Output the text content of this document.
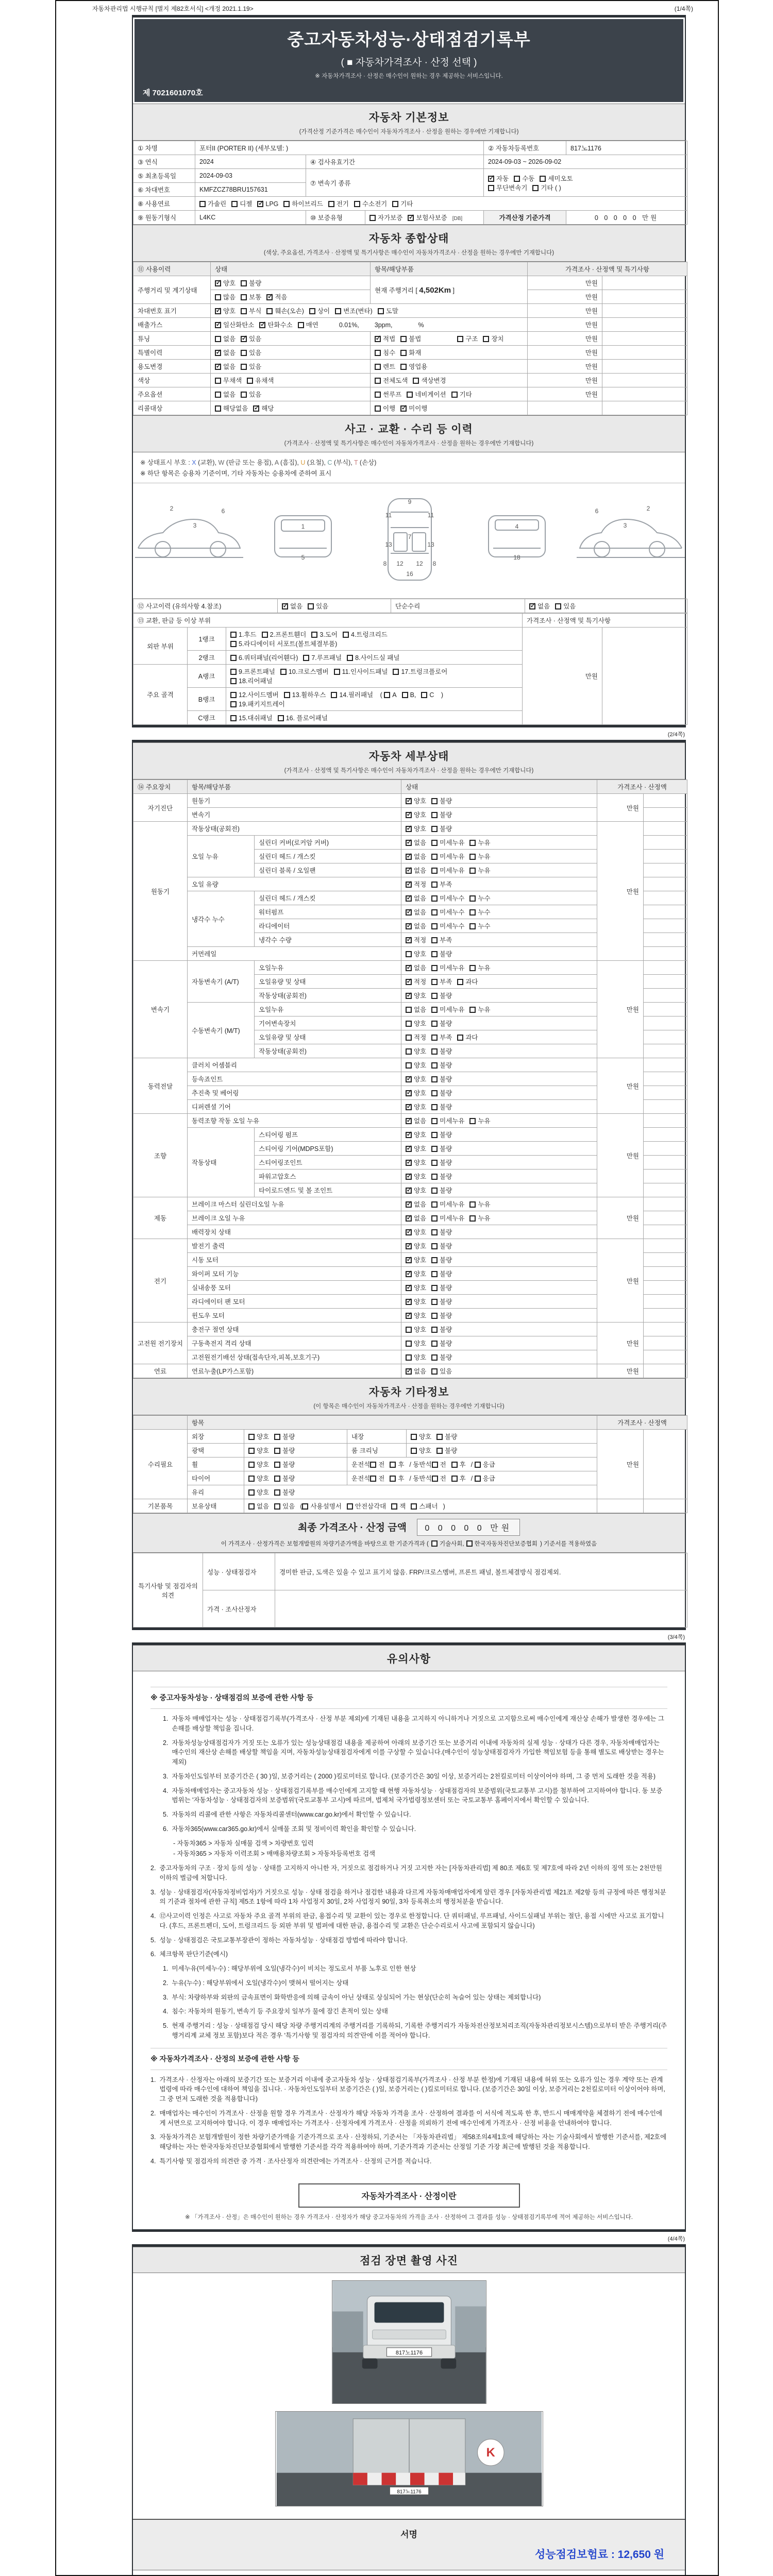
자동차관리법 시행규칙 [별지 제82호서식] <개정 2021.1.19>	(1/4쪽)
중고자동차성능·상태점검기록부
( ■ 자동차가격조사 · 산정 선택 )
※ 자동차가격조사 · 산정은 매수인이 원하는 경우 제공하는 서비스입니다.
제 7021601070호
자동차 기본정보
(가격산정 기준가격은 매수인이 자동차가격조사 · 산정을 원하는 경우에만 기재합니다)
① 차명	포터II (PORTER II) (세부모델: )			② 자동차등록번호	817노1176
③ 연식	2024	④ 검사유효기간		2024-09-03 ~ 2026-09-02	
⑤ 최초등록일	2024-09-03	⑦ 변속기 종류	✓자동 수동 세미오토
무단변속기 기타 ( )
⑥ 차대번호	KMFZCZ78BRU157631				
⑧ 사용연료	가솔린 디젤 ✓ LPG 하이브리드 전기 수소전기 기타
⑨ 원동기형식	L4KC	⑩ 보증유형	자가보증 ✓ 보험사보증 [DB]	가격산정 기준가격	0 0 0 0 0 만원
자동차 종합상태
(색상, 주요옵션, 가격조사 · 산정액 및 특기사항은 매수인이 자동차가격조사 · 산정을 원하는 경우에만 기재합니다)
⑪ 사용이력	상태	항목/해당부품	가격조사 · 산정액 및 특기사항	
주행거리 및 계기상태	✓양호 불량	현재 주행거리 [ 4,502Km ]	만원	
	많음 보통 ✓ 적음		만원	
차대번호 표기	✓양호 부식 훼손(오손) 상이 변조(변타) 도말		만원	
배출가스	✓일산화탄소 ✓ 탄화수소 매연 0.01%, 3ppm, %		만원	
튜닝	없음 ✓ 있음	✓적법 불법 구조 장치	만원	
특별이력	✓없음 있음	침수 화재	만원	
용도변경	✓없음 있음	렌트 영업용	만원	
색상	무채색 유채색	전체도색 색상변경	만원	
주요옵션	없음 있음	썬루프 네비게이션 기타	만원	
리콜대상	해당없음 ✓ 해당	이행 ✓ 미이행		
사고 · 교환 · 수리 등 이력
(가격조사 · 산정액 및 특기사항은 매수인이 자동차가격조사 · 산정을 원하는 경우에만 기재합니다)
※ 상태표시 부호 : X (교환), W (판금 또는 용접), A (흠집), U (요철), C (부식), T (손상)
※ 하단 항목은 승용차 기준이며, 기타 자동차는 승용차에 준하여 표시
2
3
6
1
5
9
11	11
7
13	13
12 12
16
8	8
4
18
2
3
6
⑫ 사고이력 (유의사항 4.참조)	✓없음 있음	단순수리	✓없음 있음
⑬ 교환, 판금 등 이상 부위			가격조사 · 산정액 및 특기사항	
외판 부위	1랭크	1.후드 2.프론트휀더 3.도어 4.트렁크리드
5.라디에이터 서포트(볼트체결부품)	만원	
	2랭크	6.쿼터패널(리어휀다) 7.루프패널 8.사이드실 패널		
주요 골격	A랭크	9.프론트패널 10.크로스멤버 11.인사이드패널 17.트렁크플로어
18.리어패널		
	B랭크	12.사이드멤버 13.휠하우스 14.필러패널 ( A B, C )
19.패키지트레이		
	C랭크	15.대쉬패널 16. 플로어패널		
(2/4쪽)
자동차 세부상태
(가격조사 · 산정액 및 특기사항은 매수인이 자동차가격조사 · 산정을 원하는 경우에만 기재합니다)
⑭ 주요장치	항목/해당부품		상태	가격조사 · 산정액	
자기진단	원동기	✓양호 불량	만원	
	변속기	✓양호 불량	
원동기	작동상태(공회전)	✓양호 불량	만원	
	오일 누유	실린더 커버(로커암 커버)	✓없음 미세누유 누유	
		실린더 헤드 / 개스킷	✓없음 미세누유 누유	
		실린더 블록 / 오일팬	✓없음 미세누유 누유	
	오일 유량	✓적정 부족	
	냉각수 누수	실린더 헤드 / 개스킷	✓없음 미세누수 누수	
		워터펌프	✓없음 미세누수 누수	
		라디에이터	✓없음 미세누수 누수	
		냉각수 수량	✓적정 부족	
	커먼레일		양호 불량		
변속기	자동변속기 (A/T)	오일누유	✓없음 미세누유 누유	만원	
		오일유량 및 상태	✓적정 부족 과다	
		작동상태(공회전)	✓양호 불량	
	수동변속기 (M/T)	오일누유	없음 미세누유 누유		
		기어변속장치	양호 불량		
		오일유량 및 상태	적정 부족 과다		
		작동상태(공회전)	양호 불량		
동력전달	클러치 어셈블리		양호 불량	만원	
	등속죠인트	✓양호 불량	
	추진축 및 베어링	✓양호 불량	
	디퍼렌셜 기어	✓양호 불량	
조향	동력조향 작동 오일 누유	✓없음 미세누유 누유	만원	
	작동상태	스티어링 펌프	✓양호 불량	
		스티어링 기어(MDPS포함)	✓양호 불량	
		스티어링조인트	✓양호 불량	
		파워고압호스	✓양호 불량	
		타이로드엔드 및 볼 조인트	✓양호 불량	
제동	브레이크 마스터 실린더오일 누유	✓없음 미세누유 누유	만원	
	브레이크 오일 누유	✓없음 미세누유 누유	
	배력장치 상태	✓양호 불량	
전기	발전기 출력	✓양호 불량	만원	
	시동 모터	✓양호 불량	
	와이퍼 모터 기능	✓양호 불량	
	실내송풍 모터	✓양호 불량	
	라디에이터 팬 모터	✓양호 불량	
	윈도우 모터	✓양호 불량	
고전원 전기장치	충전구 절연 상태		양호 불량	만원	
	구동축전지 격리 상태		양호 불량		
	고전원전기배선 상태(접속단자,피복,보호기구)		양호 불량		
연료	연료누출(LP가스포함)	✓없음 있음	만원	
자동차 기타정보
(이 항목은 매수인이 자동차가격조사 · 산정을 원하는 경우에만 기재합니다)
	항목				가격조사 · 산정액	
수리필요	외장	양호 불량	내장	양호 불량	만원	
	광택	양호 불량	룸 크리닝	양호 불량		
	휠	양호 불량	운전석 전 후 / 동반석 전 후 / 응급			
	타이어	양호 불량	운전석 전 후 / 동반석 전 후 / 응급			
	유리	양호 불량				
기본품목	보유상태	없음 있음 ( 사용설명서 안전삼각대 잭 스패너 )				
최종 가격조사 · 산정 금액 0 0 0 0 0 만원
이 가격조사 · 산정가격은 보험개발원의 차량기준가액을 바탕으로 한 기준가격과 ( 기술사회, 한국자동차진단보증협회 ) 기준서를 적용하였음
특기사항 및 점검자의 의견	성능 · 상태점검자	경미한 판금, 도색은 있을 수 있고 표기치 않음. FRP/크로스멤버, 프론트 패널, 볼트체결방식 점검제외.
	가격 · 조사산정자	
(3/4쪽)
유의사항
※ 중고자동차성능 · 상태점검의 보증에 관한 사항 등
1. 자동차 매매업자는 성능 · 상태점검기록부(가격조사 · 산정 부분 제외)에 기재된 내용을 고지하지 아니하거나 거짓으로 고지함으로써 매수인에게 재산상 손해가 발생한 경우에는 그 손해를 배상할 책임을 집니다.
2. 자동차성능상태점검자가 거짓 또는 오류가 있는 성능상태점검 내용을 제공하여 아래의 보증기간 또는 보증거리 이내에 자동차의 실제 성능 · 상태가 다른 경우, 자동차매매업자는 매수인의 재산상 손해를 배상할 책임을 지며, 자동차성능상태점검자에게 이를 구상할 수 있습니다.(매수인이 성능상태점검자가 가입한 책임보험 등을 통해 별도로 배상받는 경우는 제외)
3. 자동차인도일부터 보증기간은 ( 30 )일, 보증거리는 ( 2000 )킬로미터로 합니다. (보증기간은 30일 이상, 보증거리는 2천킬로미터 이상이어야 하며, 그 중 먼저 도래한 것을 적용)
4. 자동차매매업자는 중고자동차 성능 · 상태점검기록부를 매수인에게 고지할 때 현행 자동차성능 · 상태점검자의 보증범위(국토교통부 고시)를 첨부하여 고지하여야 합니다. 동 보증범위는 '자동차성능 · 상태점검자의 보증범위'(국토교통부 고시)에 따르며, 법제처 국가법령정보센터 또는 국토교통부 홈페이지에서 확인할 수 있습니다.
5. 자동차의 리콜에 관한 사항은 자동차리콜센터(www.car.go.kr)에서 확인할 수 있습니다.
6. 자동차365(www.car365.go.kr)에서 실매물 조회 및 정비이력 확인을 확인할 수 있습니다.
- 자동차365 > 자동차 실매물 검색 > 차량번호 입력
- 자동차365 > 자동차 이력조회 > 매매용차량조회 > 자동차등록번호 검색
2. 중고자동차의 구조 · 장치 등의 성능 · 상태를 고지하지 아니한 자, 거짓으로 점검하거나 거짓 고지한 자는 [자동차관리법] 제 80조 제6호 및 제7호에 따라 2년 이하의 징역 또는 2천만원 이하의 벌금에 처합니다.
3. 성능 · 상태점검자(자동차정비업자)가 거짓으로 성능 · 상태 점검을 하거나 점검한 내용과 다르게 자동차매매업자에게 알린 경우 [자동차관리법 제21조 제2항 등의 규정에 따른 행정처분의 기준과 절차에 관한 규칙] 제5조 1항에 따라 1차 사업정지 30일, 2차 사업정지 90일, 3차 등록취소의 행정처분을 받습니다.
4. ⑫사고이력 인정은 사고로 자동차 주요 골격 부위의 판금, 용접수리 및 교환이 있는 경우로 한정합니다. 단 쿼터패널, 루프패널, 사이드실패널 부위는 절단, 용접 시에만 사고로 표기합니다. (후드, 프론트펜더, 도어, 트렁크리드 등 외판 부위 및 범퍼에 대한 판금, 용접수리 및 교환은 단순수리로서 사고에 포함되지 않습니다)
5. 성능 · 상태점검은 국토교통부장관이 정하는 자동차성능 · 상태점검 방법에 따라야 합니다.
6. 체크항목 판단기준(예시)
1. 미세누유(미세누수) : 해당부위에 오일(냉각수)이 비치는 정도로서 부품 노후로 인한 현상
2. 누유(누수) : 해당부위에서 오일(냉각수)이 맺혀서 떨어지는 상태
3. 부식: 차량하부와 외판의 금속표면이 화학반응에 의해 금속이 아닌 상태로 상실되어 가는 현상(단순히 녹슬어 있는 상태는 제외합니다)
4. 침수: 자동차의 원동기, 변속기 등 주요장치 일부가 물에 잠긴 흔적이 있는 상태
5. 현재 주행거리 : 성능 · 상태점검 당시 해당 차량 주행거리계의 주행거리를 기록하되, 기록한 주행거리가 자동차전산정보처리조직(자동차관리정보시스템)으로부터 받은 주행거리(주행거리계 교체 정보 포함)보다 적은 경우 '특기사항 및 점검자의 의견'란에 이를 적어야 합니다.
※ 자동차가격조사 · 산정의 보증에 관한 사항 등
1. 가격조사 · 산정자는 아래의 보증기간 또는 보증거리 이내에 중고자동차 성능 · 상태점검기록부(가격조사 · 산정 부분 한정)에 기재된 내용에 허위 또는 오류가 있는 경우 계약 또는 관계법령에 따라 매수인에 대하여 책임을 집니다. · 자동차인도일부터 보증기간은 ( )일, 보증거리는 ( )킬로미터로 합니다. (보증기간은 30일 이상, 보증거리는 2천킬로미터 이상이어야 하며, 그 중 먼저 도래한 것을 적용합니다)
2. 매매업자는 매수인이 가격조사 · 산정을 원할 경우 가격조사 · 산정자가 해당 자동차 가격을 조사 · 산정하여 결과를 이 서식에 적도록 한 후, 반드시 매매계약을 체결하기 전에 매수인에게 서면으로 고지하여야 합니다. 이 경우 매매업자는 가격조사 · 산정자에게 가격조사 · 산정을 의뢰하기 전에 매수인에게 가격조사 · 산정 비용을 안내하여야 합니다.
3. 자동차가격은 보험개발원이 정한 차량기준가액을 기준가격으로 조사 · 산정하되, 기준서는 「자동차관리법」 제58조의4제1호에 해당하는 자는 기술사회에서 발행한 기준서를, 제2호에 해당하는 자는 한국자동차진단보증협회에서 발행한 기준서를 각각 적용하여야 하며, 기준가격과 기준서는 산정일 기준 가장 최근에 발행된 것을 적용합니다.
4. 특기사항 및 점검자의 의견란 중 가격 · 조사산정자 의견란에는 가격조사 · 산정의 근거를 적습니다.
자동차가격조사 · 산정이란
※ 「가격조사 · 산정」은 매수인이 원하는 경우 가격조사 · 산정자가 해당 중고자동차의 가격을 조사 · 산정하여 그 결과를 성능 · 상태점검기록부에 적어 제공하는 서비스입니다.
(4/4쪽)
점검 장면 촬영 사진
817노1176
K
817노1176
서명
성능점검보험료 : 12,650 원
